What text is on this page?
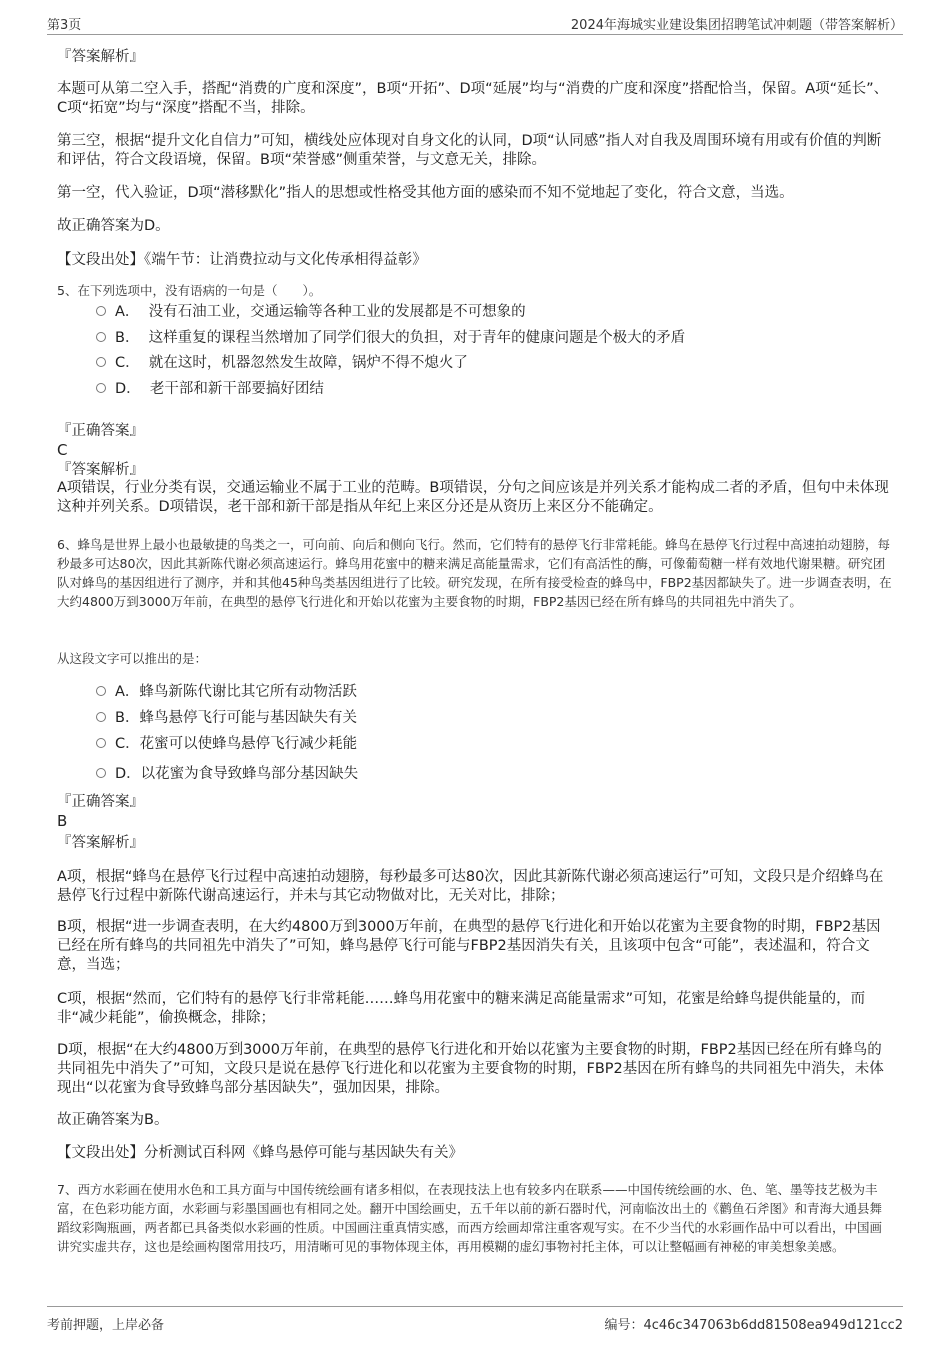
第3页	2024年海城实业建设集团招聘笔试冲刺题（带答案解析）
『答案解析』

本题可从第二空入手，搭配“消费的广度和深度”，B项“开拓”、D项“延展”均与“消费的广度和深度”搭配恰当，保留。A项“延长”、C项“拓宽”均与“深度”搭配不当，排除。

第三空，根据“提升文化自信力”可知，横线处应体现对自身文化的认同，D项“认同感”指人对自我及周围环境有用或有价值的判断和评估，符合文段语境，保留。B项“荣誉感”侧重荣誉，与文意无关，排除。

第一空，代入验证，D项“潜移默化”指人的思想或性格受其他方面的感染而不知不觉地起了变化，符合文意，当选。

故正确答案为D。

【文段出处】《端午节：让消费拉动与文化传承相得益彰》

5、在下列选项中，没有语病的一句是（　　）。

A． 没有石油工业，交通运输等各种工业的发展都是不可想象的
B． 这样重复的课程当然增加了同学们很大的负担，对于青年的健康问题是个极大的矛盾
C． 就在这时，机器忽然发生故障，锅炉不得不熄火了
D． 老干部和新干部要搞好团结
『正确答案』
C
『答案解析』

A项错误，行业分类有误，交通运输业不属于工业的范畴。B项错误，分句之间应该是并列关系才能构成二者的矛盾，但句中未体现这种并列关系。D项错误，老干部和新干部是指从年纪上来区分还是从资历上来区分不能确定。

6、蜂鸟是世界上最小也最敏捷的鸟类之一，可向前、向后和侧向飞行。然而，它们特有的悬停飞行非常耗能。蜂鸟在悬停飞行过程中高速拍动翅膀，每秒最多可达80次，因此其新陈代谢必须高速运行。蜂鸟用花蜜中的糖来满足高能量需求，它们有高活性的酶，可像葡萄糖一样有效地代谢果糖。研究团队对蜂鸟的基因组进行了测序，并和其他45种鸟类基因组进行了比较。研究发现，在所有接受检查的蜂鸟中，FBP2基因都缺失了。进一步调查表明，在大约4800万到3000万年前，在典型的悬停飞行进化和开始以花蜜为主要食物的时期，FBP2基因已经在所有蜂鸟的共同祖先中消失了。

从这段文字可以推出的是：

A．蜂鸟新陈代谢比其它所有动物活跃
B．蜂鸟悬停飞行可能与基因缺失有关
C．花蜜可以使蜂鸟悬停飞行减少耗能
D．以花蜜为食导致蜂鸟部分基因缺失
『正确答案』
B
『答案解析』

A项，根据“蜂鸟在悬停飞行过程中高速拍动翅膀，每秒最多可达80次，因此其新陈代谢必须高速运行”可知，文段只是介绍蜂鸟在悬停飞行过程中新陈代谢高速运行，并未与其它动物做对比，无关对比，排除；

B项，根据“进一步调查表明，在大约4800万到3000万年前，在典型的悬停飞行进化和开始以花蜜为主要食物的时期，FBP2基因已经在所有蜂鸟的共同祖先中消失了”可知，蜂鸟悬停飞行可能与FBP2基因消失有关，且该项中包含“可能”，表述温和，符合文意，当选；

C项，根据“然而，它们特有的悬停飞行非常耗能……蜂鸟用花蜜中的糖来满足高能量需求”可知，花蜜是给蜂鸟提供能量的，而非“减少耗能”，偷换概念，排除；

D项，根据“在大约4800万到3000万年前，在典型的悬停飞行进化和开始以花蜜为主要食物的时期，FBP2基因已经在所有蜂鸟的共同祖先中消失了”可知，文段只是说在悬停飞行进化和以花蜜为主要食物的时期，FBP2基因在所有蜂鸟的共同祖先中消失，未体现出“以花蜜为食导致蜂鸟部分基因缺失”，强加因果，排除。

故正确答案为B。

【文段出处】分析测试百科网《蜂鸟悬停可能与基因缺失有关》

7、西方水彩画在使用水色和工具方面与中国传统绘画有诸多相似，在表现技法上也有较多内在联系——中国传统绘画的水、色、笔、墨等技艺极为丰富，在色彩功能方面，水彩画与彩墨国画也有相同之处。翻开中国绘画史，五千年以前的新石器时代，河南临汝出土的《鹳鱼石斧图》和青海大通县舞蹈纹彩陶瓶画，两者都已具备类似水彩画的性质。中国画注重真情实感，而西方绘画却常注重客观写实。在不少当代的水彩画作品中可以看出，中国画讲究实虚共存，这也是绘画构图常用技巧，用清晰可见的事物体现主体，再用模糊的虚幻事物衬托主体，可以让整幅画有神秘的审美想象美感。

考前押题，上岸必备	编号：4c46c347063b6dd81508ea949d121cc2
